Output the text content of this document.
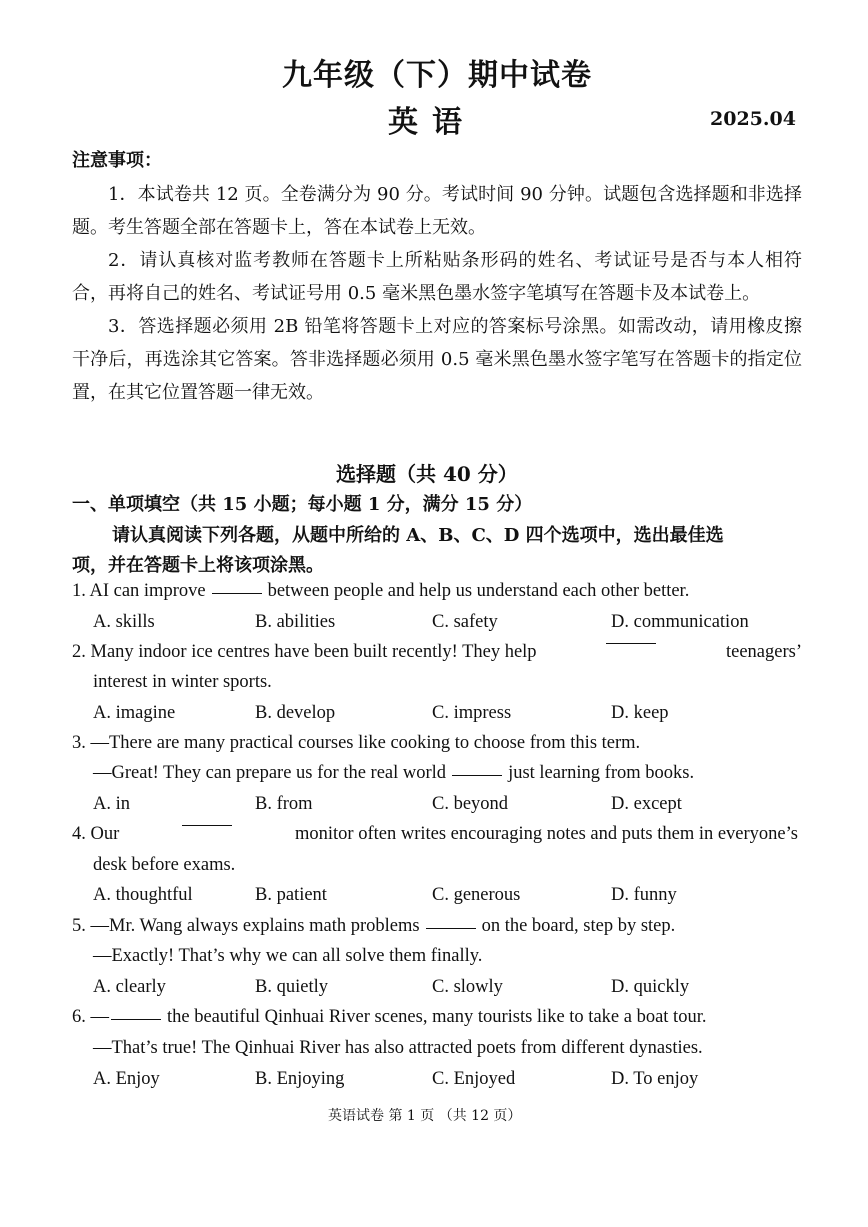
九年级（下）期中试卷
英语	2025.04
注意事项：

1．本试卷共 12 页。全卷满分为 90 分。考试时间 90 分钟。试题包含选择题和非选择题。考生答题全部在答题卡上，答在本试卷上无效。

2．请认真核对监考教师在答题卡上所粘贴条形码的姓名、考试证号是否与本人相符合，再将自己的姓名、考试证号用 0.5 毫米黑色墨水签字笔填写在答题卡及本试卷上。

3．答选择题必须用 2B 铅笔将答题卡上对应的答案标号涂黑。如需改动，请用橡皮擦干净后，再选涂其它答案。答非选择题必须用 0.5 毫米黑色墨水签字笔写在答题卡的指定位置，在其它位置答题一律无效。

选择题（共 40 分）
一、单项填空（共 15 小题；每小题 1 分，满分 15 分）
请认真阅读下列各题，从题中所给的 A、B、C、D 四个选项中，选出最佳选
项，并在答题卡上将该项涂黑。
1. AI can improve	between people and help us understand each other better.
A. skills	B. abilities	C. safety	D. communication
2. Many indoor ice centres have been built recently! They help	teenagers’
interest in winter sports.
A. imagine	B. develop	C. impress	D. keep
3. —There are many practical courses like cooking to choose from this term.
—Great! They can prepare us for the real world	just learning from books.
A. in	B. from	C. beyond	D. except
4. Our	monitor often writes encouraging notes and puts them in everyone’s
desk before exams.
A. thoughtful	B. patient	C. generous	D. funny
5. —Mr. Wang always explains math problems	on the board, step by step.
—Exactly! That’s why we can all solve them finally.
A. clearly	B. quietly	C. slowly	D. quickly
6. —	the beautiful Qinhuai River scenes, many tourists like to take a boat tour.
—That’s true! The Qinhuai River has also attracted poets from different dynasties.
A. Enjoy	B. Enjoying	C. Enjoyed	D. To enjoy
英语试卷 第 1 页 （共 12 页）
